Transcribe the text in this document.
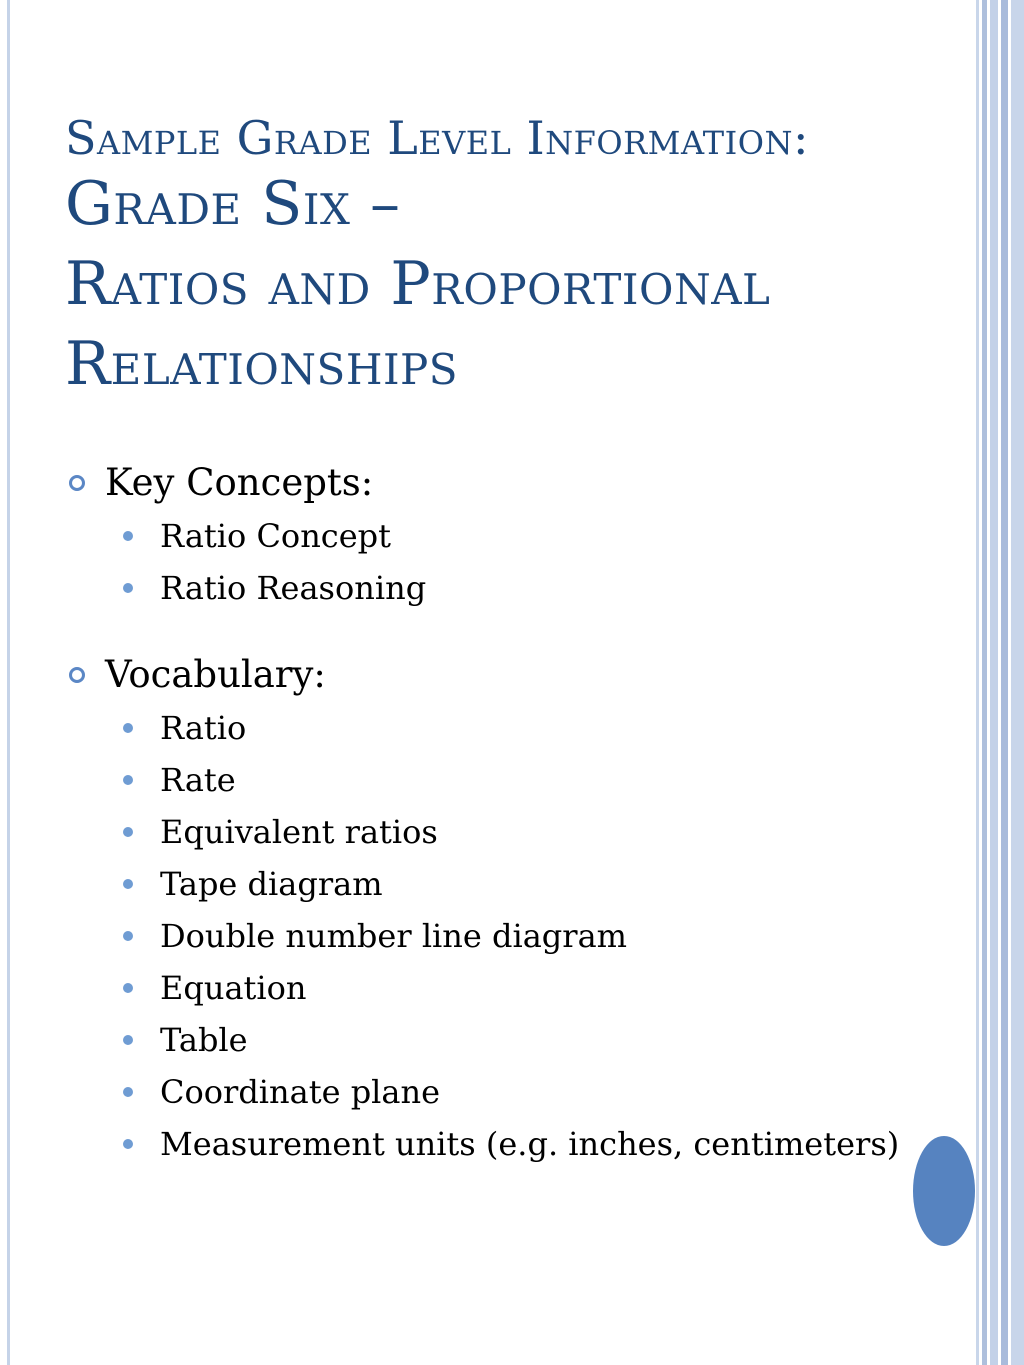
Sample Grade Level Information:
Grade Six –
Ratios and Proportional
Relationships
Key Concepts:
Ratio Concept
Ratio Reasoning
Vocabulary:
Ratio
Rate
Equivalent ratios
Tape diagram
Double number line diagram
Equation
Table
Coordinate plane
Measurement units (e.g. inches, centimeters)
